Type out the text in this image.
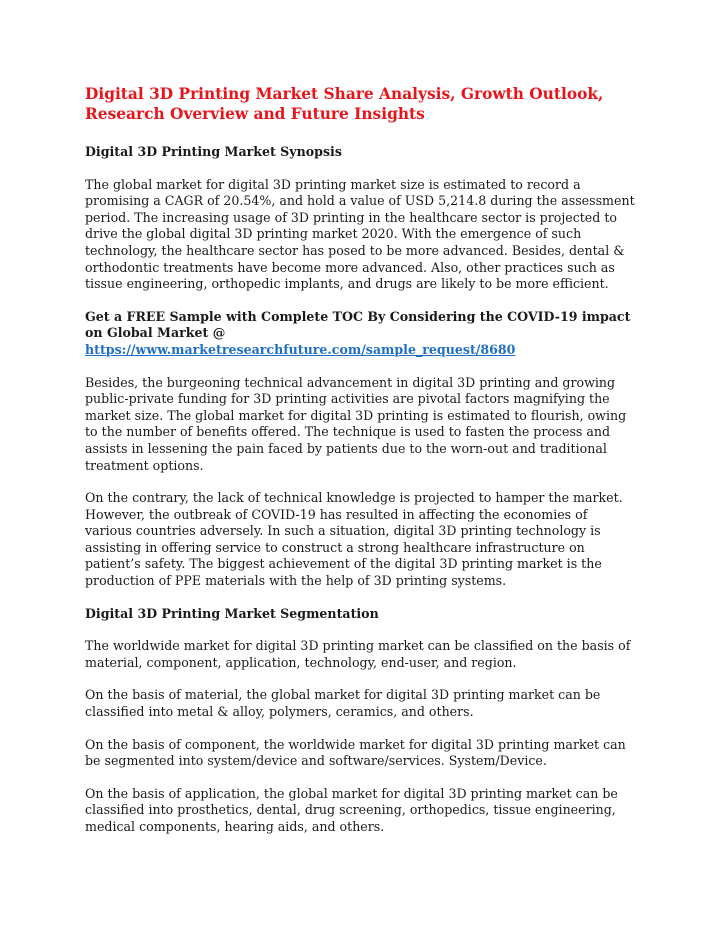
Digital 3D Printing Market Share Analysis, Growth Outlook, Research Overview and Future Insights

Digital 3D Printing Market Synopsis

The global market for digital 3D printing market size is estimated to record a promising a CAGR of 20.54%, and hold a value of USD 5,214.8 during the assessment period. The increasing usage of 3D printing in the healthcare sector is projected to drive the global digital 3D printing market 2020. With the emergence of such technology, the healthcare sector has posed to be more advanced. Besides, dental & orthodontic treatments have become more advanced. Also, other practices such as tissue engineering, orthopedic implants, and drugs are likely to be more efficient.

Get a FREE Sample with Complete TOC By Considering the COVID-19 impact on Global Market @ https://www.marketresearchfuture.com/sample_request/8680

Besides, the burgeoning technical advancement in digital 3D printing and growing public-private funding for 3D printing activities are pivotal factors magnifying the market size. The global market for digital 3D printing is estimated to flourish, owing to the number of benefits offered. The technique is used to fasten the process and assists in lessening the pain faced by patients due to the worn-out and traditional treatment options.

On the contrary, the lack of technical knowledge is projected to hamper the market. However, the outbreak of COVID-19 has resulted in affecting the economies of various countries adversely. In such a situation, digital 3D printing technology is assisting in offering service to construct a strong healthcare infrastructure on patient’s safety. The biggest achievement of the digital 3D printing market is the production of PPE materials with the help of 3D printing systems.

Digital 3D Printing Market Segmentation

The worldwide market for digital 3D printing market can be classified on the basis of material, component, application, technology, end-user, and region.

On the basis of material, the global market for digital 3D printing market can be classified into metal & alloy, polymers, ceramics, and others.

On the basis of component, the worldwide market for digital 3D printing market can be segmented into system/device and software/services. System/Device.

On the basis of application, the global market for digital 3D printing market can be classified into prosthetics, dental, drug screening, orthopedics, tissue engineering, medical components, hearing aids, and others.
